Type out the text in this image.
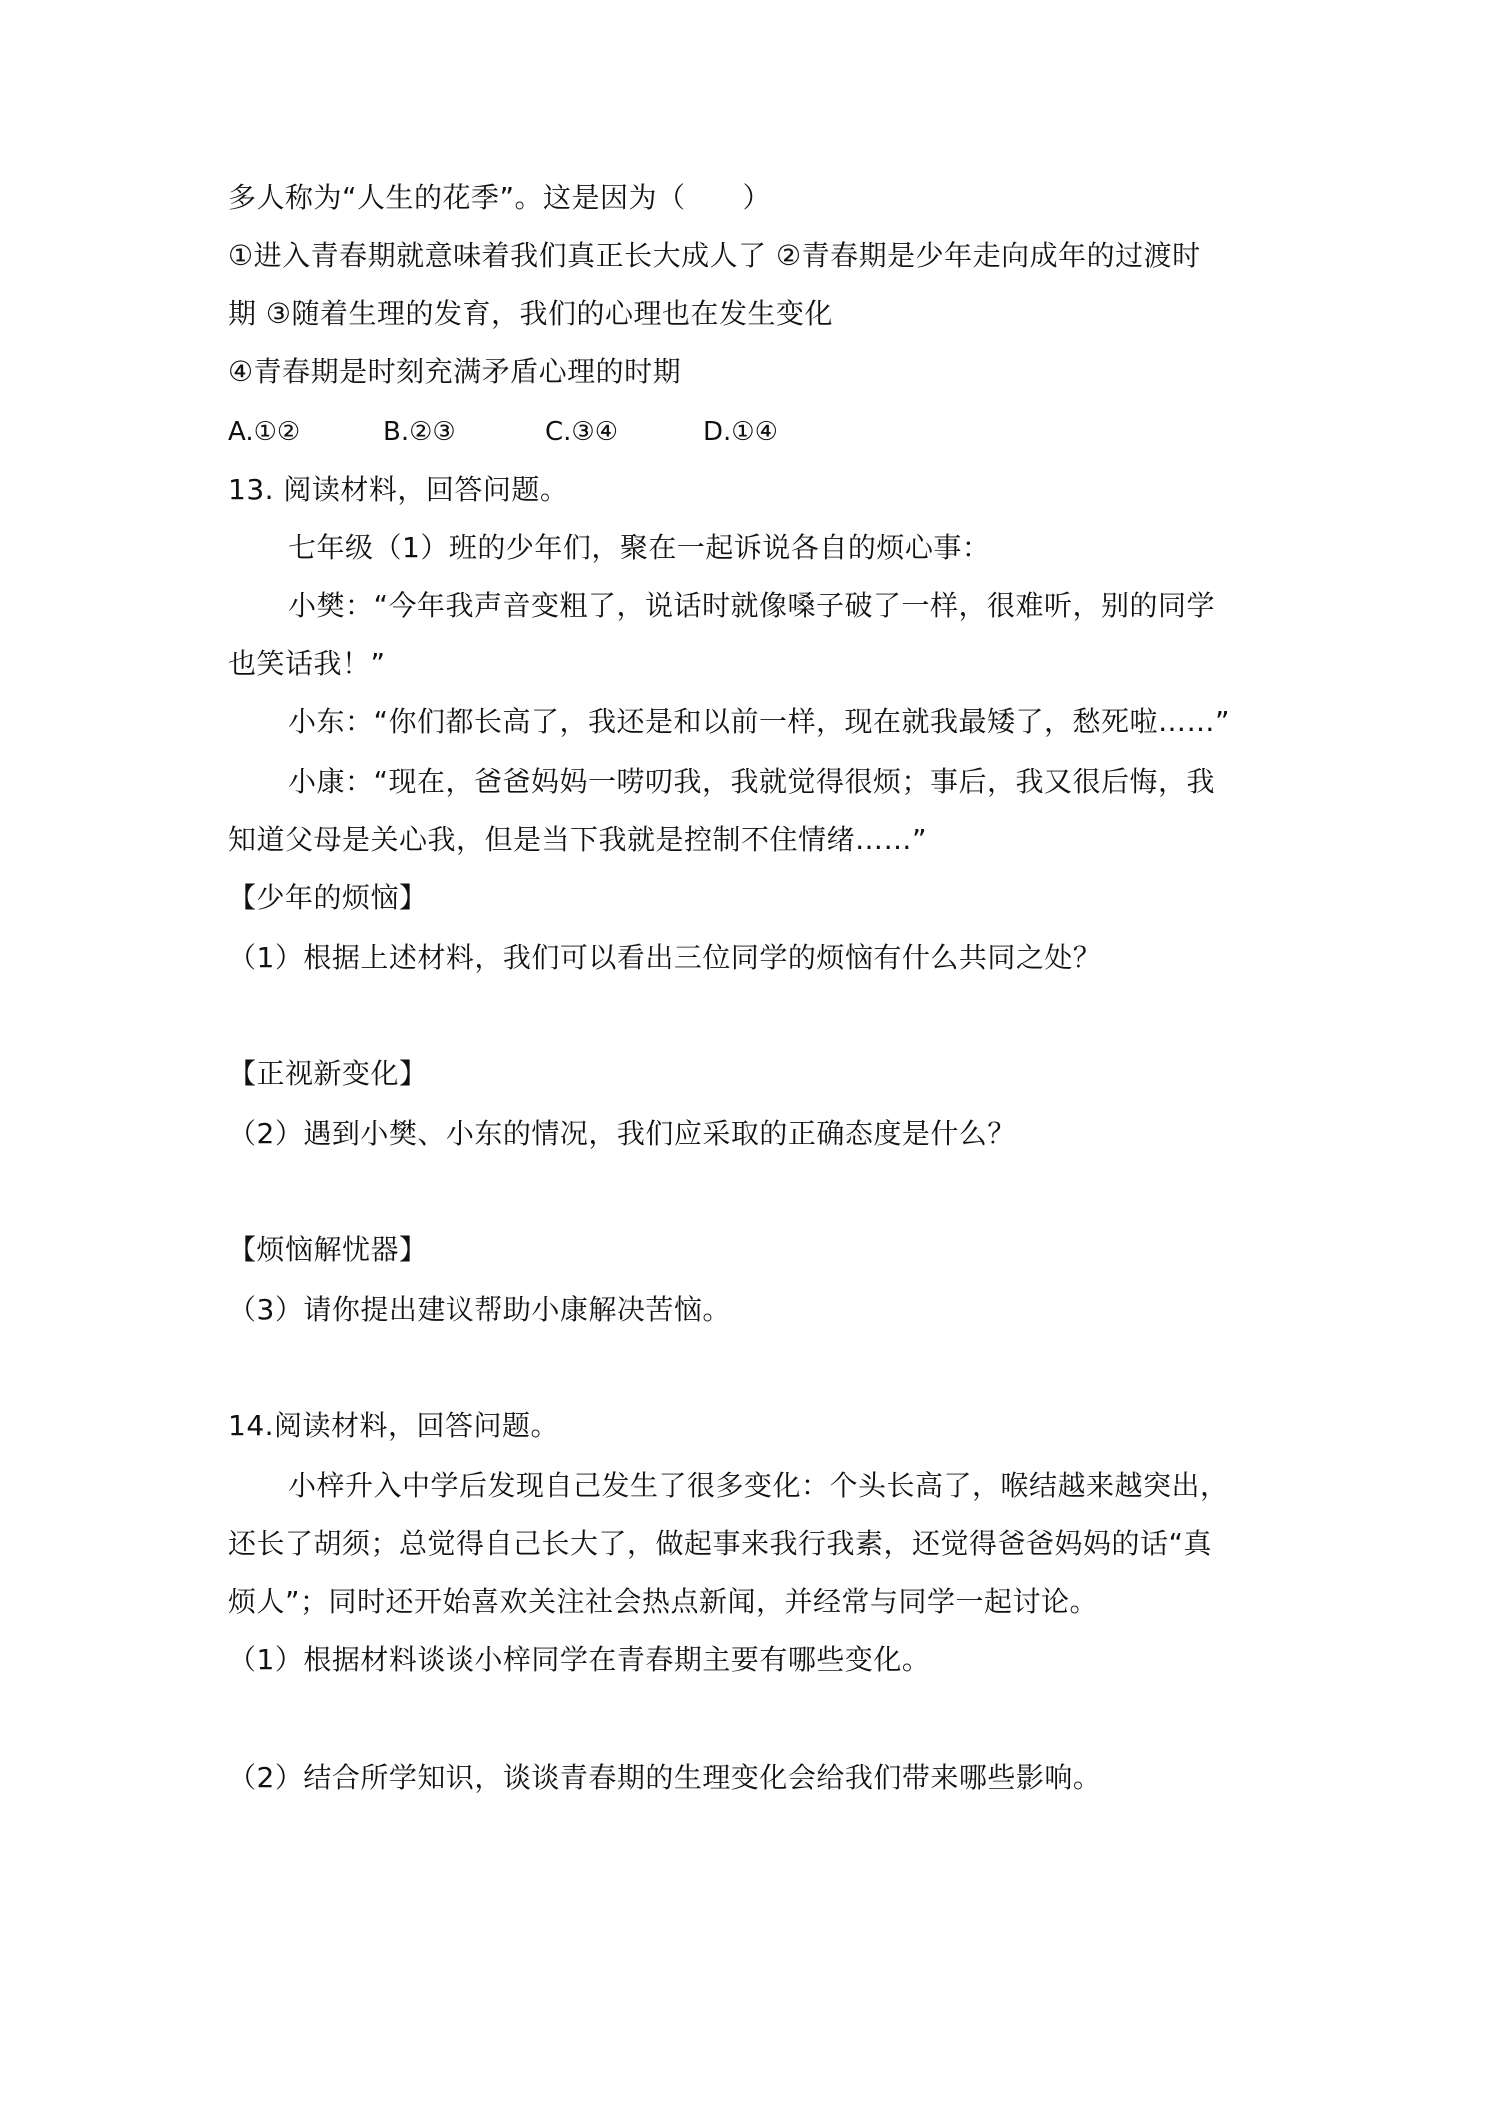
多人称为“人生的花季”。这是因为（　　）
①进入青春期就意味着我们真正长大成人了 ②青春期是少年走向成年的过渡时
期 ③随着生理的发育，我们的心理也在发生变化
④青春期是时刻充满矛盾心理的时期
A.①②	B.②③	C.③④	D.①④
13. 阅读材料，回答问题。
七年级（1）班的少年们，聚在一起诉说各自的烦心事：
小樊：“今年我声音变粗了，说话时就像嗓子破了一样，很难听，别的同学
也笑话我！”
小东：“你们都长高了，我还是和以前一样，现在就我最矮了，愁死啦……”
小康：“现在，爸爸妈妈一唠叨我，我就觉得很烦；事后，我又很后悔，我
知道父母是关心我，但是当下我就是控制不住情绪……”
【少年的烦恼】
（1）根据上述材料，我们可以看出三位同学的烦恼有什么共同之处？
【正视新变化】
（2）遇到小樊、小东的情况，我们应采取的正确态度是什么？
【烦恼解忧器】
（3）请你提出建议帮助小康解决苦恼。
14.阅读材料，回答问题。
小梓升入中学后发现自己发生了很多变化：个头长高了，喉结越来越突出，
还长了胡须；总觉得自己长大了，做起事来我行我素，还觉得爸爸妈妈的话“真
烦人”；同时还开始喜欢关注社会热点新闻，并经常与同学一起讨论。
（1）根据材料谈谈小梓同学在青春期主要有哪些变化。
（2）结合所学知识，谈谈青春期的生理变化会给我们带来哪些影响。
